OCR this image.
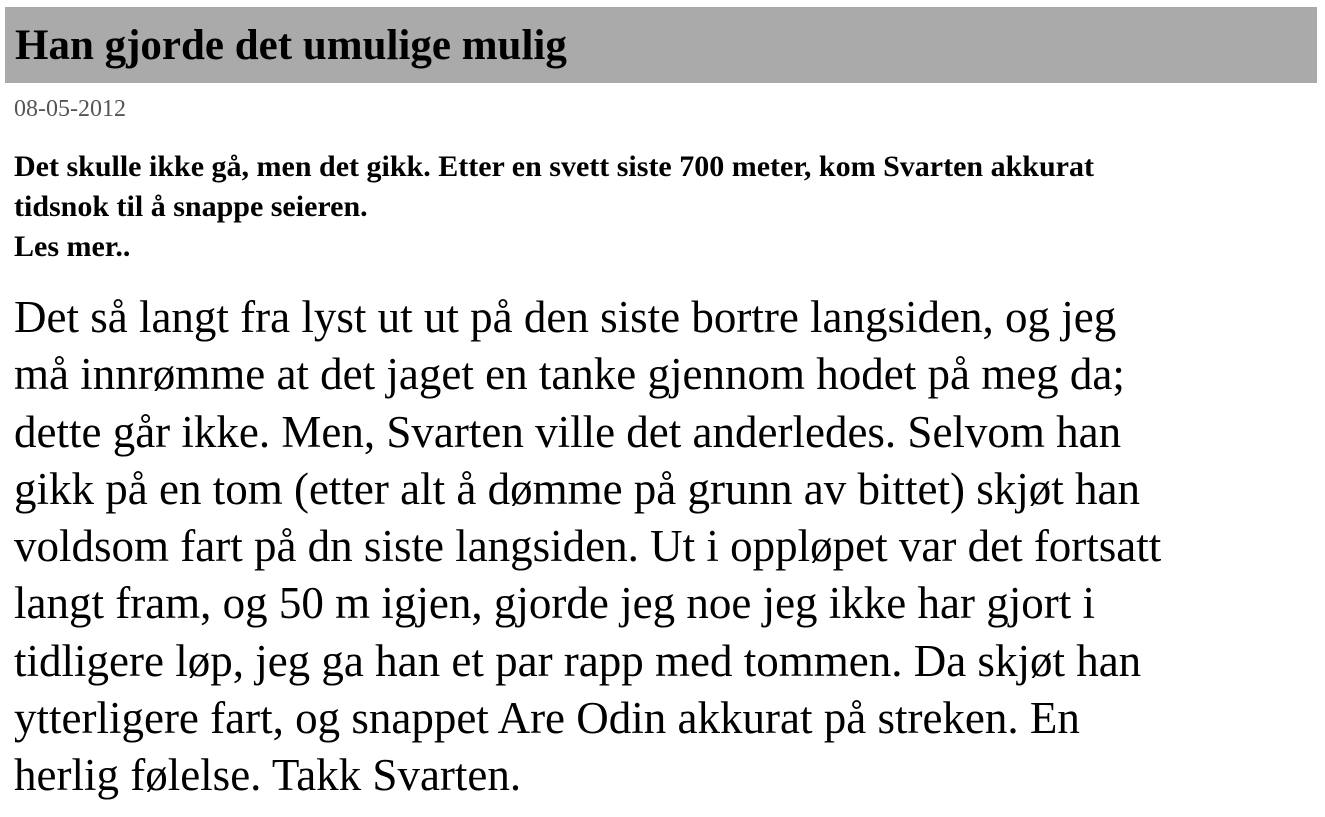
Han gjorde det umulige mulig
08-05-2012

Det skulle ikke gå, men det gikk. Etter en svett siste 700 meter, kom Svarten akkurat

tidsnok til å snappe seieren.

Les mer..
Det så langt fra lyst ut ut på den siste bortre langsiden, og jeg
må innrømme at det jaget en tanke gjennom hodet på meg da;
dette går ikke. Men, Svarten ville det anderledes. Selvom han
gikk på en tom (etter alt å dømme på grunn av bittet) skjøt han
voldsom fart på dn siste langsiden. Ut i oppløpet var det fortsatt
langt fram, og 50 m igjen, gjorde jeg noe jeg ikke har gjort i
tidligere løp, jeg ga han et par rapp med tommen. Da skjøt han
ytterligere fart, og snappet Are Odin akkurat på streken. En
herlig følelse. Takk Svarten.
